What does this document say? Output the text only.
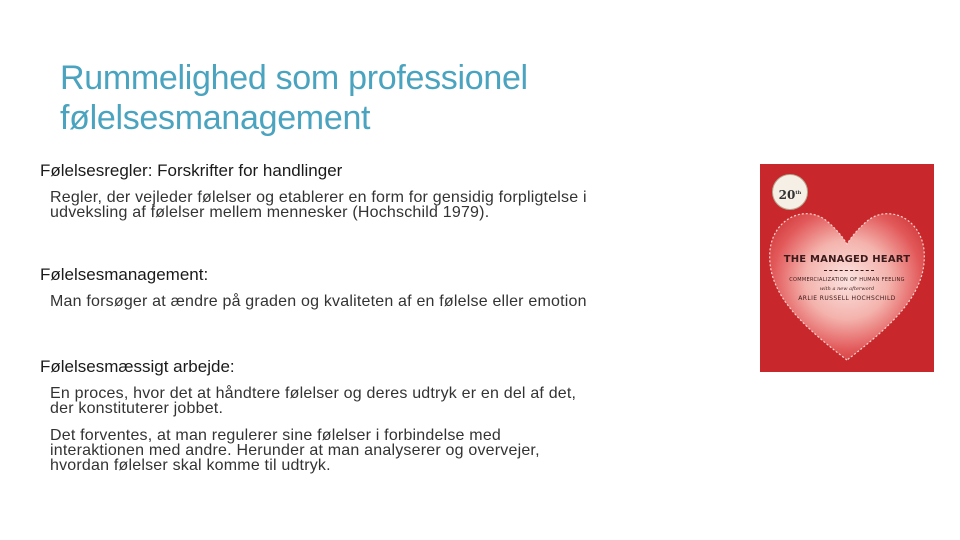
Rummelighed som professionel
følelsesmanagement

Følelsesregler: Forskrifter for handlinger

Regler, der vejleder følelser og etablerer en form for gensidig forpligtelse i
udveksling af følelser mellem mennesker (Hochschild 1979).

Følelsesmanagement:

Man forsøger at ændre på graden og kvaliteten af en følelse eller emotion

Følelsesmæssigt arbejde:

En proces, hvor det at håndtere følelser og deres udtryk er en del af det,
der konstituterer jobbet.
Det forventes, at man regulerer sine følelser i forbindelse med
interaktionen med andre. Herunder at man analyserer og overvejer,
hvordan følelser skal komme til udtryk.
20th
THE MANAGED HEART
COMMERCIALIZATION OF HUMAN FEELING
with a new afterword
ARLIE RUSSELL HOCHSCHILD
